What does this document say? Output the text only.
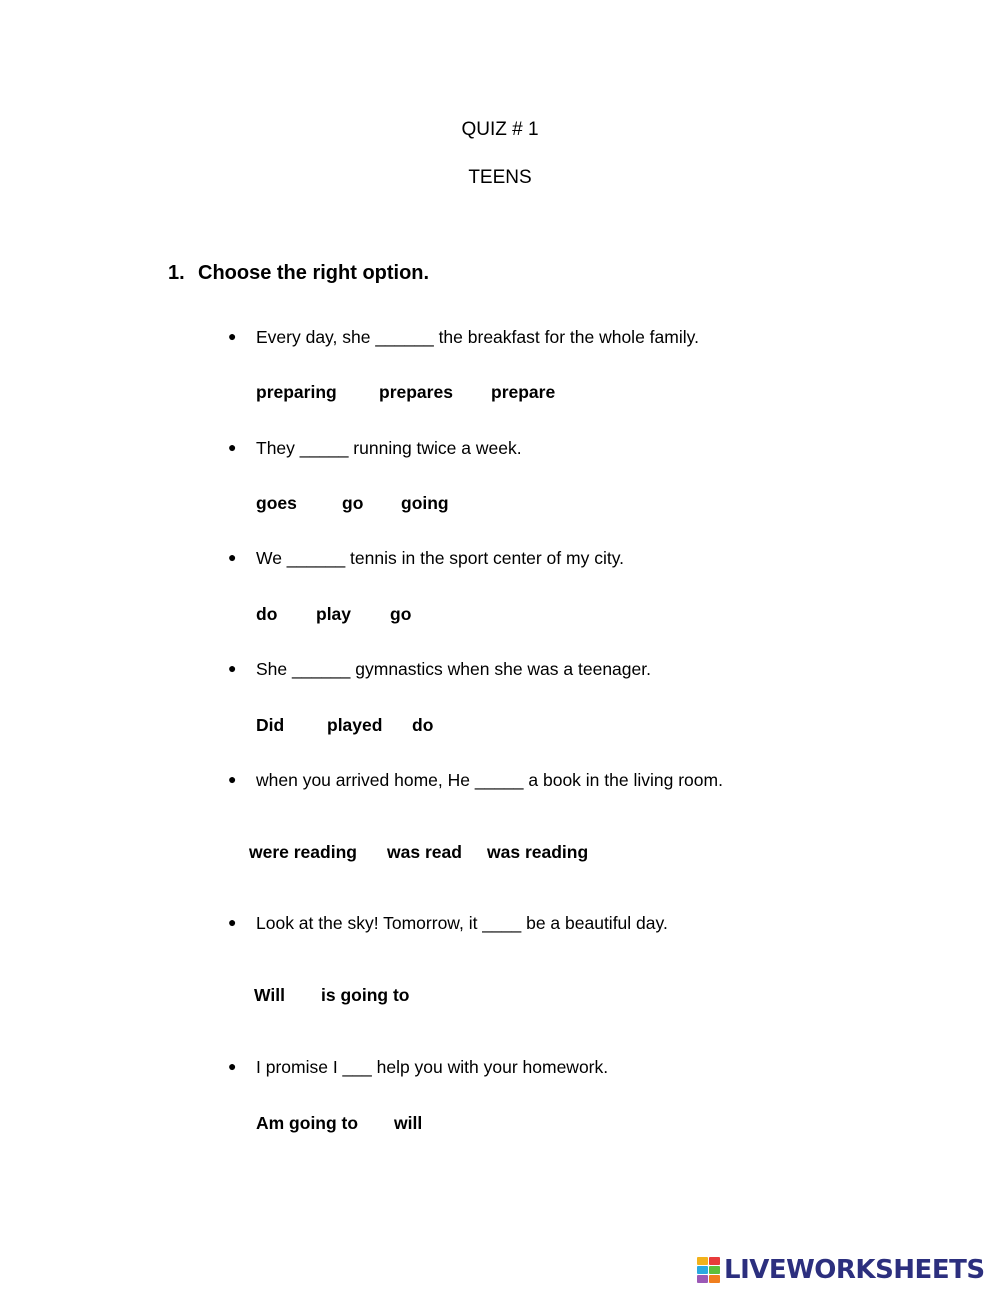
QUIZ # 1
TEENS
1. Choose the right option.
● Every day, she ______ the breakfast for the whole family.
preparing prepares prepare
● They _____ running twice a week.
goes	go going
● We ______ tennis in the sport center of my city.
do play go
● She ______ gymnastics when she was a teenager.
Did played do
● when you arrived home, He _____ a book in the living room.
were reading was read was reading
● Look at the sky! Tomorrow, it ____ be a beautiful day.
Will is going to
● I promise I ___ help you with your homework.
Am going to will
LIVEWORKSHEETS
